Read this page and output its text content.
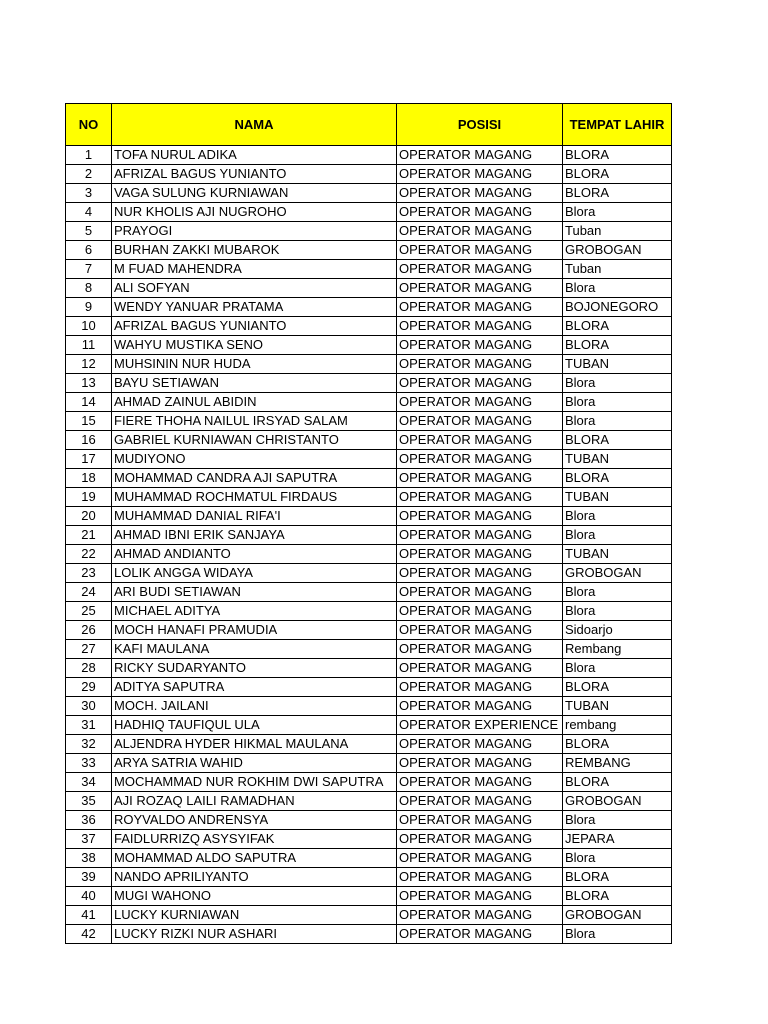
NO	NAMA	POSISI	TEMPAT LAHIR
1	TOFA NURUL ADIKA	OPERATOR MAGANG	BLORA
2	AFRIZAL BAGUS YUNIANTO	OPERATOR MAGANG	BLORA
3	VAGA SULUNG KURNIAWAN	OPERATOR MAGANG	BLORA
4	NUR KHOLIS AJI NUGROHO	OPERATOR MAGANG	Blora
5	PRAYOGI	OPERATOR MAGANG	Tuban
6	BURHAN ZAKKI MUBAROK	OPERATOR MAGANG	GROBOGAN
7	M FUAD MAHENDRA	OPERATOR MAGANG	Tuban
8	ALI SOFYAN	OPERATOR MAGANG	Blora
9	WENDY YANUAR PRATAMA	OPERATOR MAGANG	BOJONEGORO
10	AFRIZAL BAGUS YUNIANTO	OPERATOR MAGANG	BLORA
11	WAHYU MUSTIKA SENO	OPERATOR MAGANG	BLORA
12	MUHSININ NUR HUDA	OPERATOR MAGANG	TUBAN
13	BAYU SETIAWAN	OPERATOR MAGANG	Blora
14	AHMAD ZAINUL ABIDIN	OPERATOR MAGANG	Blora
15	FIERE THOHA NAILUL IRSYAD SALAM	OPERATOR MAGANG	Blora
16	GABRIEL KURNIAWAN CHRISTANTO	OPERATOR MAGANG	BLORA
17	MUDIYONO	OPERATOR MAGANG	TUBAN
18	MOHAMMAD CANDRA AJI SAPUTRA	OPERATOR MAGANG	BLORA
19	MUHAMMAD ROCHMATUL FIRDAUS	OPERATOR MAGANG	TUBAN
20	MUHAMMAD DANIAL RIFA'I	OPERATOR MAGANG	Blora
21	AHMAD IBNI ERIK SANJAYA	OPERATOR MAGANG	Blora
22	AHMAD ANDIANTO	OPERATOR MAGANG	TUBAN
23	LOLIK ANGGA WIDAYA	OPERATOR MAGANG	GROBOGAN
24	ARI BUDI SETIAWAN	OPERATOR MAGANG	Blora
25	MICHAEL ADITYA	OPERATOR MAGANG	Blora
26	MOCH HANAFI PRAMUDIA	OPERATOR MAGANG	Sidoarjo
27	KAFI MAULANA	OPERATOR MAGANG	Rembang
28	RICKY SUDARYANTO	OPERATOR MAGANG	Blora
29	ADITYA SAPUTRA	OPERATOR MAGANG	BLORA
30	MOCH. JAILANI	OPERATOR MAGANG	TUBAN
31	HADHIQ TAUFIQUL ULA	OPERATOR EXPERIENCE	rembang
32	ALJENDRA HYDER HIKMAL MAULANA	OPERATOR MAGANG	BLORA
33	ARYA SATRIA WAHID	OPERATOR MAGANG	REMBANG
34	MOCHAMMAD NUR ROKHIM DWI SAPUTRA	OPERATOR MAGANG	BLORA
35	AJI ROZAQ LAILI RAMADHAN	OPERATOR MAGANG	GROBOGAN
36	ROYVALDO ANDRENSYA	OPERATOR MAGANG	Blora
37	FAIDLURRIZQ ASYSYIFAK	OPERATOR MAGANG	JEPARA
38	MOHAMMAD ALDO SAPUTRA	OPERATOR MAGANG	Blora
39	NANDO APRILIYANTO	OPERATOR MAGANG	BLORA
40	MUGI WAHONO	OPERATOR MAGANG	BLORA
41	LUCKY KURNIAWAN	OPERATOR MAGANG	GROBOGAN
42	LUCKY RIZKI NUR ASHARI	OPERATOR MAGANG	Blora
